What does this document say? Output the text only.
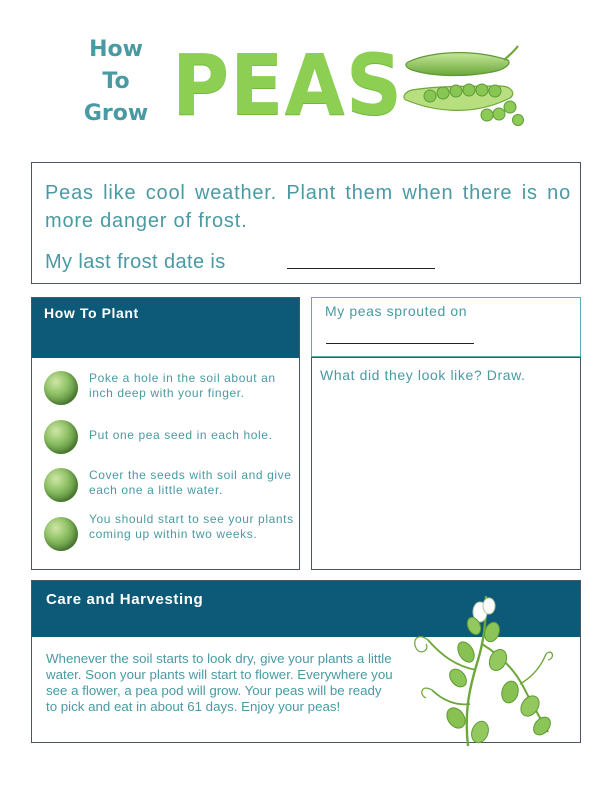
How
To
Grow PEAS
Peas like cool weather. Plant them when there is no more danger of frost.
My last frost date is
How To Plant
Poke a hole in the soil about an inch deep with your finger.
Put one pea seed in each hole.
Cover the seeds with soil and give each one a little water.
You should start to see your plants coming up within two weeks.
My peas sprouted on
What did they look like? Draw.
Care and Harvesting
Whenever the soil starts to look dry, give your plants a little water. Soon your plants will start to flower. Everywhere you see a flower, a pea pod will grow. Your peas will be ready to pick and eat in about 61 days. Enjoy your peas!
